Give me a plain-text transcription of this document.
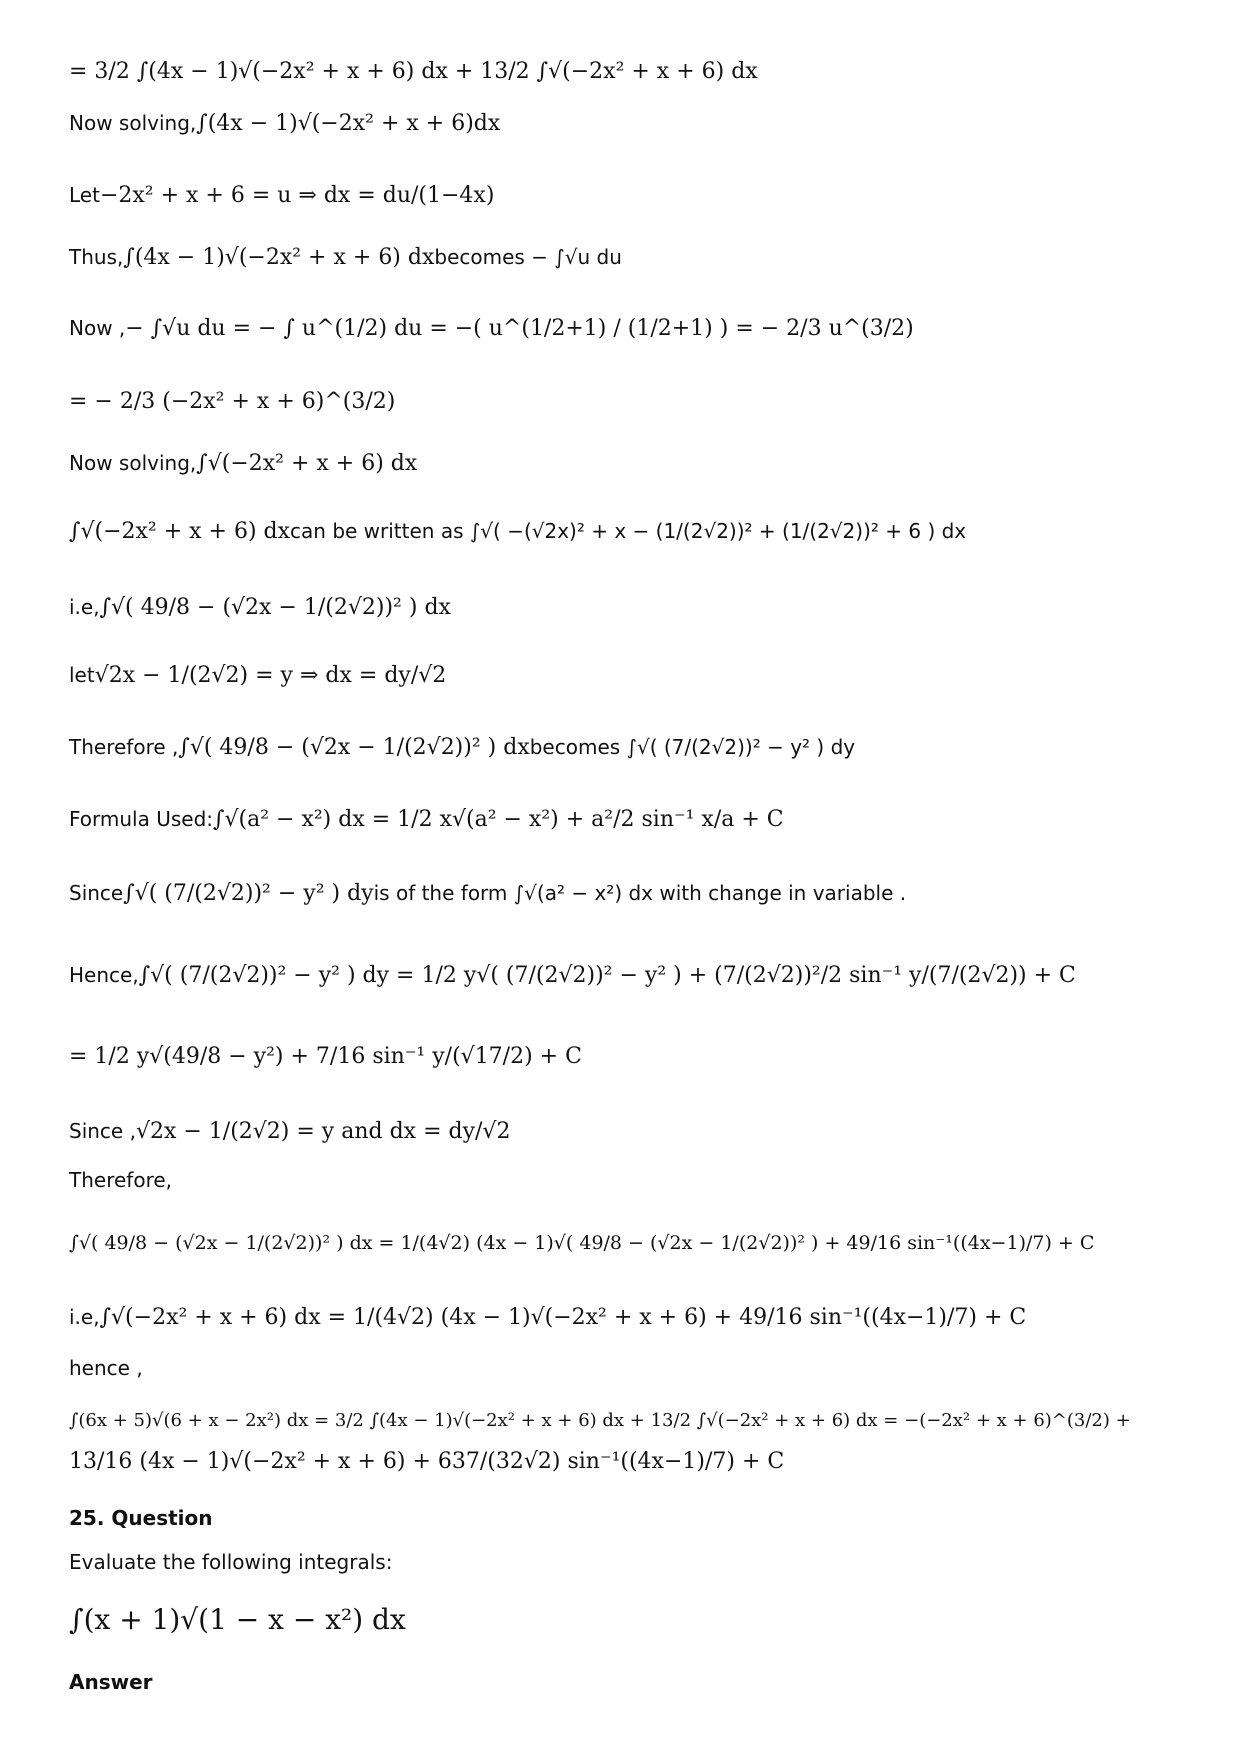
= 3/2 ∫(4x − 1)√(−2x² + x + 6) dx + 13/2 ∫√(−2x² + x + 6) dx
Now solving, ∫(4x − 1)√(−2x² + x + 6)dx
Let −2x² + x + 6 = u ⇒ dx = du/(1−4x)
Thus, ∫(4x − 1)√(−2x² + x + 6) dx becomes − ∫√u du
Now , − ∫√u du = − ∫ u^(1/2) du = −( u^(1/2+1) / (1/2+1) ) = − 2/3 u^(3/2)
= − 2/3 (−2x² + x + 6)^(3/2)
Now solving, ∫√(−2x² + x + 6) dx
∫√(−2x² + x + 6) dx can be written as ∫√( −(√2x)² + x − (1/(2√2))² + (1/(2√2))² + 6 ) dx
i.e, ∫√( 49/8 − (√2x − 1/(2√2))² ) dx
let √2x − 1/(2√2) = y ⇒ dx = dy/√2
Therefore , ∫√( 49/8 − (√2x − 1/(2√2))² ) dx becomes ∫√( (7/(2√2))² − y² ) dy
Formula Used: ∫√(a² − x²) dx = 1/2 x√(a² − x²) + a²/2 sin⁻¹ x/a + C
Since ∫√( (7/(2√2))² − y² ) dy is of the form ∫√(a² − x²) dx with change in variable .
Hence, ∫√( (7/(2√2))² − y² ) dy = 1/2 y√( (7/(2√2))² − y² ) + (7/(2√2))²/2 sin⁻¹ y/(7/(2√2)) + C
= 1/2 y√(49/8 − y²) + 7/16 sin⁻¹ y/(√17/2) + C
Since , √2x − 1/(2√2) = y and dx = dy/√2
Therefore,
∫√( 49/8 − (√2x − 1/(2√2))² ) dx = 1/(4√2) (4x − 1)√( 49/8 − (√2x − 1/(2√2))² ) + 49/16 sin⁻¹((4x−1)/7) + C
i.e, ∫√(−2x² + x + 6) dx = 1/(4√2) (4x − 1)√(−2x² + x + 6) + 49/16 sin⁻¹((4x−1)/7) + C
hence ,
∫(6x + 5)√(6 + x − 2x²) dx = 3/2 ∫(4x − 1)√(−2x² + x + 6) dx + 13/2 ∫√(−2x² + x + 6) dx = −(−2x² + x + 6)^(3/2) +
13/16 (4x − 1)√(−2x² + x + 6) + 637/(32√2) sin⁻¹((4x−1)/7) + C
25. Question
Evaluate the following integrals:
∫(x + 1)√(1 − x − x²) dx
Answer
